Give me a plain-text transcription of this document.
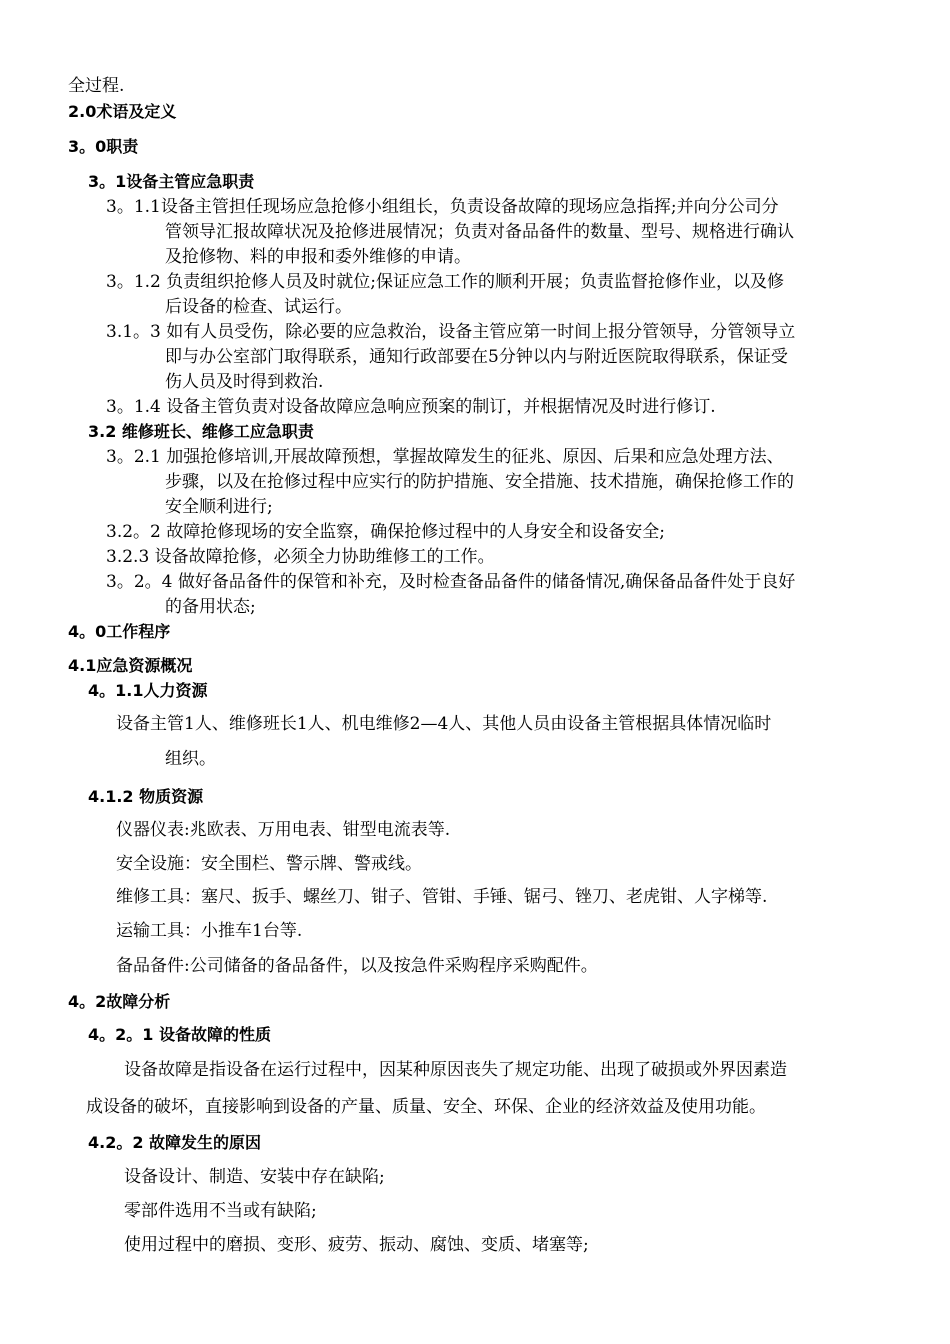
全过程.
2.0术语及定义
3。0职责
3。1设备主管应急职责
3。1.1设备主管担任现场应急抢修小组组长，负责设备故障的现场应急指挥;并向分公司分
管领导汇报故障状况及抢修进展情况；负责对备品备件的数量、型号、规格进行确认
及抢修物、料的申报和委外维修的申请。
3。1.2 负责组织抢修人员及时就位;保证应急工作的顺利开展；负责监督抢修作业，以及修
后设备的检查、试运行。
3.1。3 如有人员受伤，除必要的应急救治，设备主管应第一时间上报分管领导，分管领导立
即与办公室部门取得联系，通知行政部要在5分钟以内与附近医院取得联系，保证受
伤人员及时得到救治.
3。1.4 设备主管负责对设备故障应急响应预案的制订，并根据情况及时进行修订.
3.2 维修班长、维修工应急职责
3。2.1 加强抢修培训,开展故障预想，掌握故障发生的征兆、原因、后果和应急处理方法、
步骤，以及在抢修过程中应实行的防护措施、安全措施、技术措施，确保抢修工作的
安全顺利进行;
3.2。2 故障抢修现场的安全监察，确保抢修过程中的人身安全和设备安全;
3.2.3 设备故障抢修，必须全力协助维修工的工作。
3。2。4 做好备品备件的保管和补充，及时检查备品备件的储备情况,确保备品备件处于良好
的备用状态;
4。0工作程序
4.1应急资源概况
4。1.1人力资源
设备主管1人、维修班长1人、机电维修2—4人、其他人员由设备主管根据具体情况临时
组织。
4.1.2 物质资源
仪器仪表:兆欧表、万用电表、钳型电流表等.
安全设施：安全围栏、警示牌、警戒线。
维修工具：塞尺、扳手、螺丝刀、钳子、管钳、手锤、锯弓、锉刀、老虎钳、人字梯等.
运输工具：小推车1台等.
备品备件:公司储备的备品备件，以及按急件采购程序采购配件。
4。2故障分析
4。2。1 设备故障的性质
设备故障是指设备在运行过程中，因某种原因丧失了规定功能、出现了破损或外界因素造
成设备的破坏，直接影响到设备的产量、质量、安全、环保、企业的经济效益及使用功能。
4.2。2 故障发生的原因
设备设计、制造、安装中存在缺陷;
零部件选用不当或有缺陷;
使用过程中的磨损、变形、疲劳、振动、腐蚀、变质、堵塞等;
